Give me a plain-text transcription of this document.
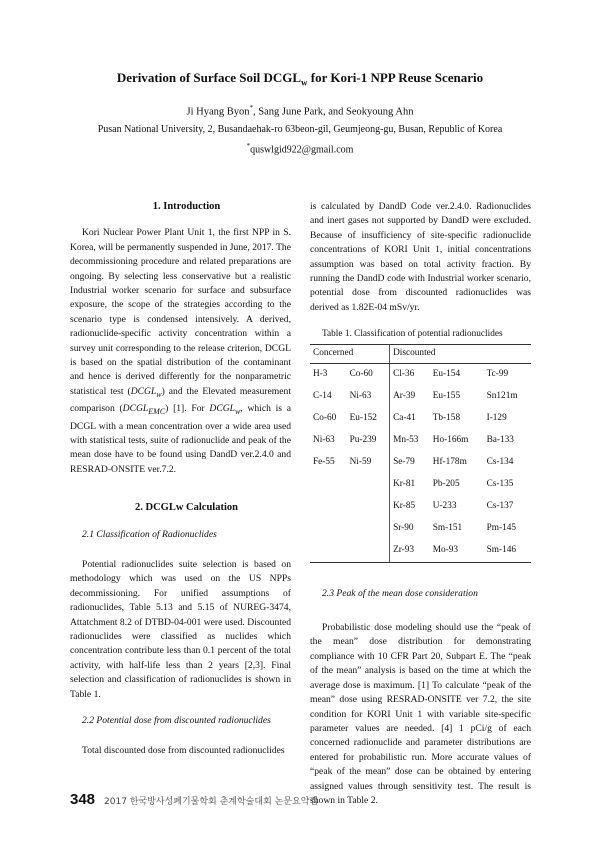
Derivation of Surface Soil $DCGL_w$ for Kori-1 NPP Reuse Scenario
Ji Hyang Byon*, Sang June Park, and Seokyoung Ahn
Pusan National University, 2, Busandaehak-ro 63beon-gil, Geumjeong-gu, Busan, Republic of Korea
*quswlgid922@gmail.com

1. Introduction

Kori Nuclear Power Plant Unit 1, the first NPP in S. Korea, will be permanently suspended in June, 2017. The decommissioning procedure and related preparations are ongoing. By selecting less conservative but a realistic Industrial worker scenario for surface and subsurface exposure, the scope of the strategies according to the scenario type is condensed intensively. A derived, radionuclide-specific activity concentration within a survey unit corresponding to the release criterion, DCGL is based on the spatial distribution of the contaminant and hence is derived differently for the nonparametric statistical test $(DCGL_w)$ and the Elevated measurement comparison $(DCGL_{EMC})$ [1]. For $DCGL_w$, which is a DCGL with a mean concentration over a wide area used with statistical tests, suite of radionuclide and peak of the mean dose have to be found using DandD ver.2.4.0 and RESRAD-ONSITE ver.7.2.

2. DCGLw Calculation

2.1 Classification of Radionuclides

Potential radionuclides suite selection is based on methodology which was used on the US NPPs decommissioning. For unified assumptions of radionuclides, Table 5.13 and 5.15 of NUREG-3474, Attatchment 8.2 of DTBD-04-001 were used. Discounted radionuclides were classified as nuclides which concentration contribute less than 0.1 percent of the total activity, with half-life less than 2 years [2,3]. Final selection and classification of radionuclides is shown in Table 1.

2.2 Potential dose from discounted radionuclides

Total discounted dose from discounted radionuclides

is calculated by DandD Code ver.2.4.0. Radionuclides and inert gases not supported by DandD were excluded. Because of insufficiency of site-specific radionuclide concentrations of KORI Unit 1, initial concentrations assumption was based on total activity fraction. By running the DandD code with Industrial worker scenario, potential dose from discounted radionuclides was derived as 1.82E-04 mSv/yr.

Table 1. Classification of potential radionuclides

Concerned		Discounted		
H-3	Co-60	Cl-36	Eu-154	Tc-99
C-14	Ni-63	Ar-39	Eu-155	Sn121m
Co-60	Eu-152	Ca-41	Tb-158	I-129
Ni-63	Pu-239	Mn-53	Ho-166m	Ba-133
Fe-55	Ni-59	Se-79	Hf-178m	Cs-134
		Kr-81	Pb-205	Cs-135
		Kr-85	U-233	Cs-137
		Sr-90	Sm-151	Pm-145
		Zr-93	Mo-93	Sm-146

2.3 Peak of the mean dose consideration

Probabilistic dose modeling should use the “peak of the mean” dose distribution for demonstrating compliance with 10 CFR Part 20, Subpart E. The “peak of the mean” analysis is based on the time at which the average dose is maximum. [1] To calculate “peak of the mean” dose using RESRAD-ONSITE ver 7.2, the site condition for KORI Unit 1 with variable site-specific parameter values are needed. [4] 1 pCi/g of each concerned radionuclide and parameter distributions are entered for probabilistic run. More accurate values of “peak of the mean” dose can be obtained by entering assigned values through sensitivity test. The result is shown in Table 2.

348 2017 한국방사성폐기물학회 춘계학술대회 논문요약집
